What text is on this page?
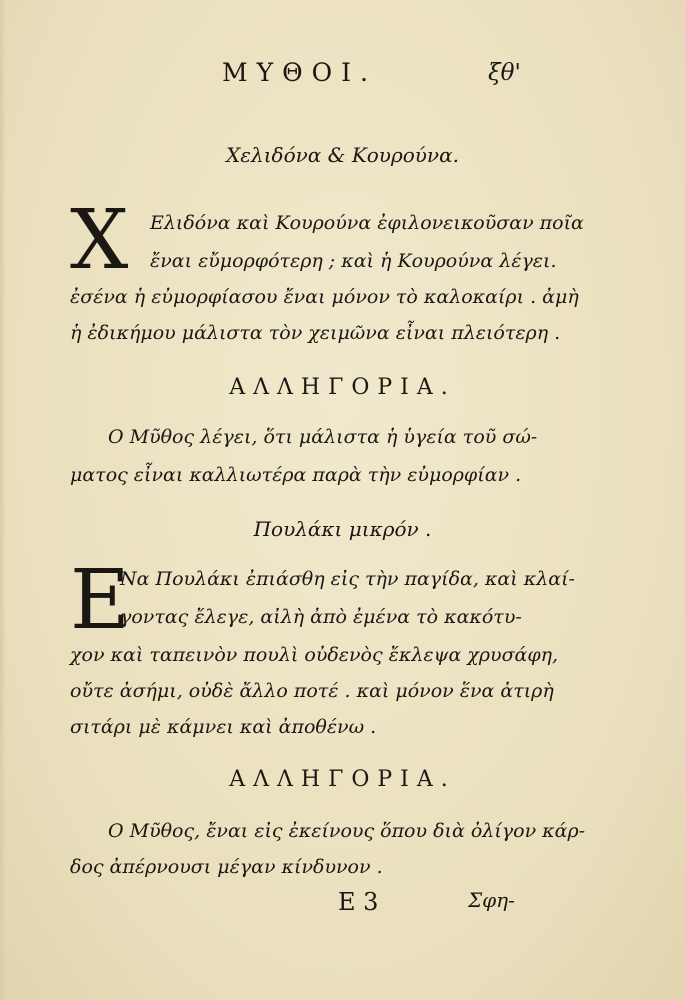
ΜΥΘΟΙ.	ξθ'
Χελιδόνα & Κουρούνα.
Χ Ελιδόνα καὶ Κουρούνα ἐφιλονεικοῦσαν ποῖα
ἔναι εὔμορφότερη ; καὶ ἡ Κουρούνα λέγει.
ἐσένα ἡ εὐμορφίασου ἔναι μόνον τὸ καλοκαίρι . ἀμὴ
ἡ ἐδικήμου μάλιστα τὸν χειμῶνα εἶναι πλειότερη .
ΑΛΛΗΓΟΡΙΑ.
Ο Μῦθος λέγει, ὅτι μάλιστα ἡ ὑγεία τοῦ σώ-
ματος εἶναι καλλιωτέρα παρὰ τὴν εὐμορφίαν .
Πουλάκι μικρόν .
Ε
Να Πουλάκι ἐπιάσθη εἰς τὴν παγίδα, καὶ κλαί-
γοντας ἔλεγε, αἰλὴ ἀπὸ ἐμένα τὸ κακότυ-
χον καὶ ταπεινὸν πουλὶ οὐδενὸς ἔκλεψα χρυσάφη,
οὔτε ἀσήμι, οὐδὲ ἄλλο ποτέ . καὶ μόνον ἕνα ἀτιρὴ
σιτάρι μὲ κάμνει καὶ ἀποθένω .
ΑΛΛΗΓΟΡΙΑ.
Ο Μῦθος, ἔναι εἰς ἐκείνους ὅπου διὰ ὀλίγον κάρ-
δος ἀπέρνουσι μέγαν κίνδυνον .
Ε 3	Σφη-
